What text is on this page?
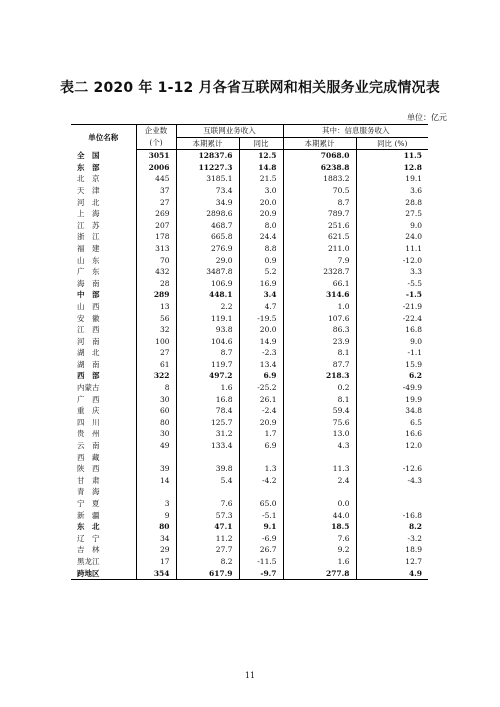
表二 2020 年 1-12 月各省互联网和相关服务业完成情况表
单位：亿元
单位名称	企业数	互联网业务收入		其中：信息服务收入	
	(个)	本期累计	同比	本期累计	同比 (%)
全　国	3051	12837.6	12.5	7068.0	11.5
东　部	2006	11227.3	14.8	6238.8	12.8
北　京	445	3185.1	21.5	1883.2	19.1
天　津	37	73.4	3.0	70.5	3.6
河　北	27	34.9	20.0	8.7	28.8
上　海	269	2898.6	20.9	789.7	27.5
江　苏	207	468.7	8.0	251.6	9.0
浙　江	178	665.8	24.4	621.5	24.0
福　建	313	276.9	8.8	211.0	11.1
山　东	70	29.0	0.9	7.9	-12.0
广　东	432	3487.8	5.2	2328.7	3.3
海　南	28	106.9	16.9	66.1	-5.5
中　部	289	448.1	3.4	314.6	-1.5
山　西	13	2.2	4.7	1.0	-21.9
安　徽	56	119.1	-19.5	107.6	-22.4
江　西	32	93.8	20.0	86.3	16.8
河　南	100	104.6	14.9	23.9	9.0
湖　北	27	8.7	-2.3	8.1	-1.1
湖　南	61	119.7	13.4	87.7	15.9
西　部	322	497.2	6.9	218.3	6.2
内蒙古	8	1.6	-25.2	0.2	-49.9
广　西	30	16.8	26.1	8.1	19.9
重　庆	60	78.4	-2.4	59.4	34.8
四　川	80	125.7	20.9	75.6	6.5
贵　州	30	31.2	1.7	13.0	16.6
云　南	49	133.4	6.9	4.3	12.0
西　藏					
陕　西	39	39.8	1.3	11.3	-12.6
甘　肃	14	5.4	-4.2	2.4	-4.3
青　海					
宁　夏	3	7.6	65.0	0.0	
新　疆	9	57.3	-5.1	44.0	-16.8
东　北	80	47.1	9.1	18.5	8.2
辽　宁	34	11.2	-6.9	7.6	-3.2
吉　林	29	27.7	26.7	9.2	18.9
黑龙江	17	8.2	-11.5	1.6	12.7
跨地区	354	617.9	-9.7	277.8	4.9
11
